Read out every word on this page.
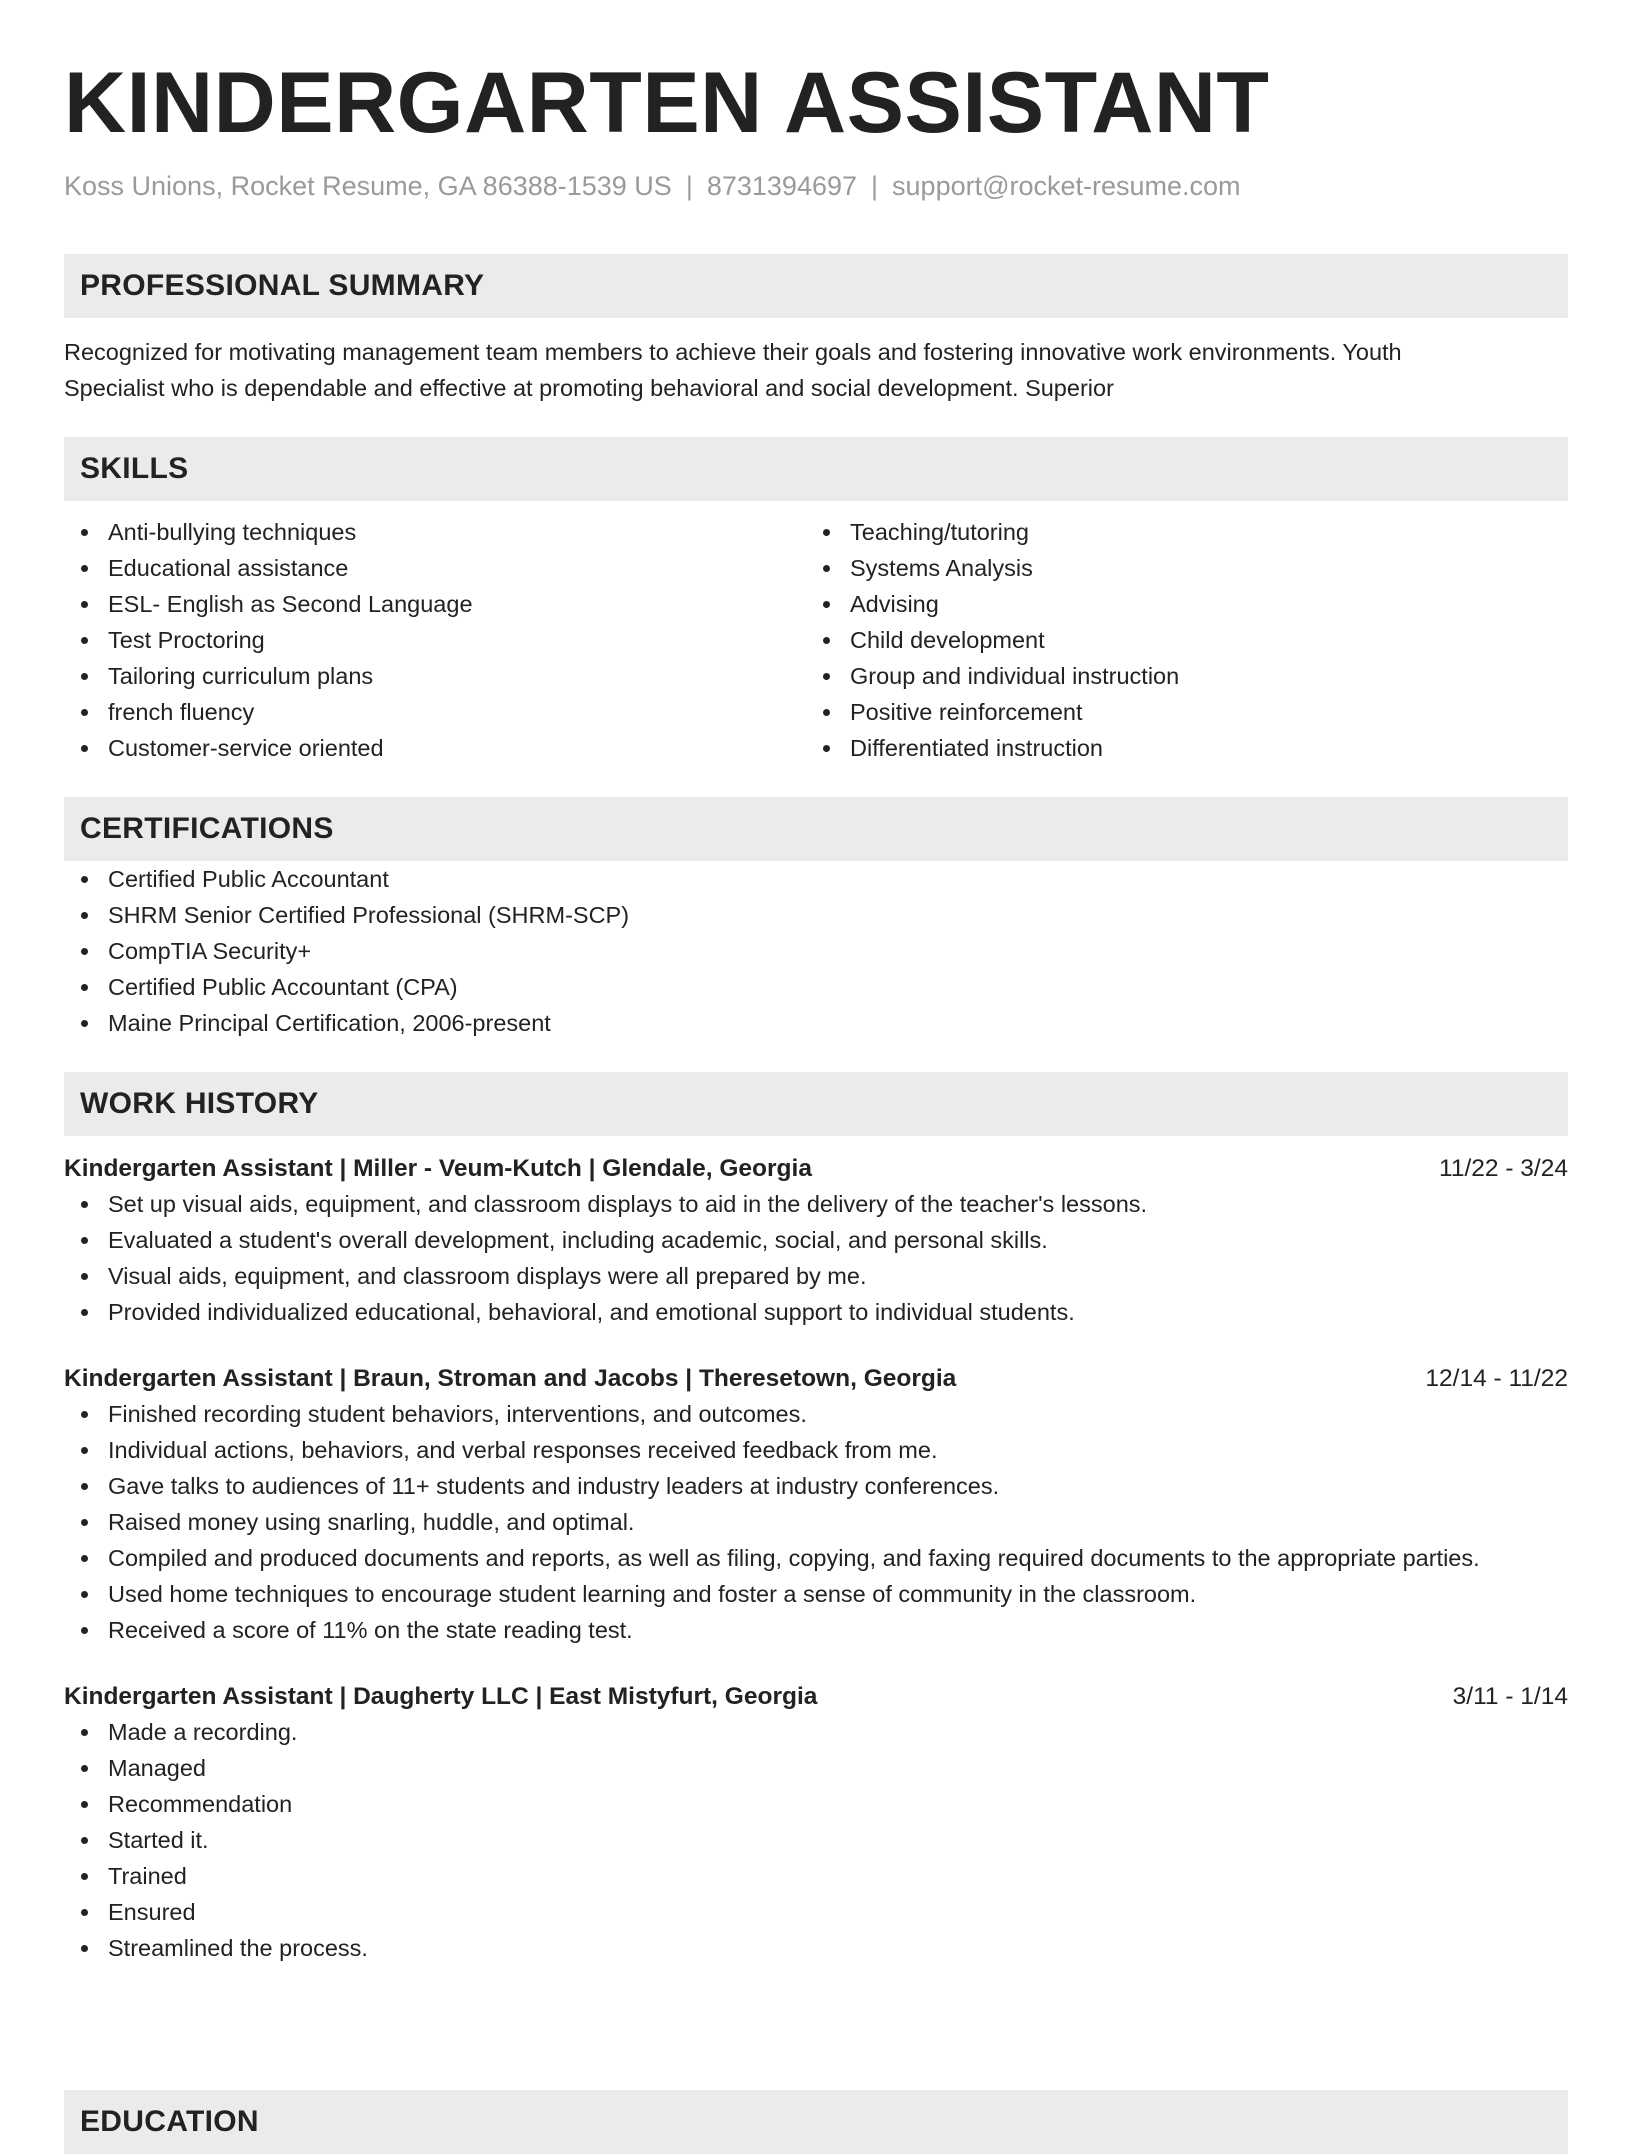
KINDERGARTEN ASSISTANT
Koss Unions, Rocket Resume, GA 86388-1539 US | 8731394697 | support@rocket-resume.com
PROFESSIONAL SUMMARY

Recognized for motivating management team members to achieve their goals and fostering innovative work environments. Youth
Specialist who is dependable and effective at promoting behavioral and social development. Superior

SKILLS
Anti-bullying techniques
Educational assistance
ESL- English as Second Language
Test Proctoring
Tailoring curriculum plans
french fluency
Customer-service oriented
Teaching/tutoring
Systems Analysis
Advising
Child development
Group and individual instruction
Positive reinforcement
Differentiated instruction
CERTIFICATIONS
Certified Public Accountant
SHRM Senior Certified Professional (SHRM-SCP)
CompTIA Security+
Certified Public Accountant (CPA)
Maine Principal Certification, 2006-present
WORK HISTORY
Kindergarten Assistant | Miller - Veum-Kutch | Glendale, Georgia	11/22 - 3/24
Set up visual aids, equipment, and classroom displays to aid in the delivery of the teacher's lessons.
Evaluated a student's overall development, including academic, social, and personal skills.
Visual aids, equipment, and classroom displays were all prepared by me.
Provided individualized educational, behavioral, and emotional support to individual students.
Kindergarten Assistant | Braun, Stroman and Jacobs | Theresetown, Georgia	12/14 - 11/22
Finished recording student behaviors, interventions, and outcomes.
Individual actions, behaviors, and verbal responses received feedback from me.
Gave talks to audiences of 11+ students and industry leaders at industry conferences.
Raised money using snarling, huddle, and optimal.
Compiled and produced documents and reports, as well as filing, copying, and faxing required documents to the appropriate parties.
Used home techniques to encourage student learning and foster a sense of community in the classroom.
Received a score of 11% on the state reading test.
Kindergarten Assistant | Daugherty LLC | East Mistyfurt, Georgia	3/11 - 1/14
Made a recording.
Managed
Recommendation
Started it.
Trained
Ensured
Streamlined the process.
EDUCATION
